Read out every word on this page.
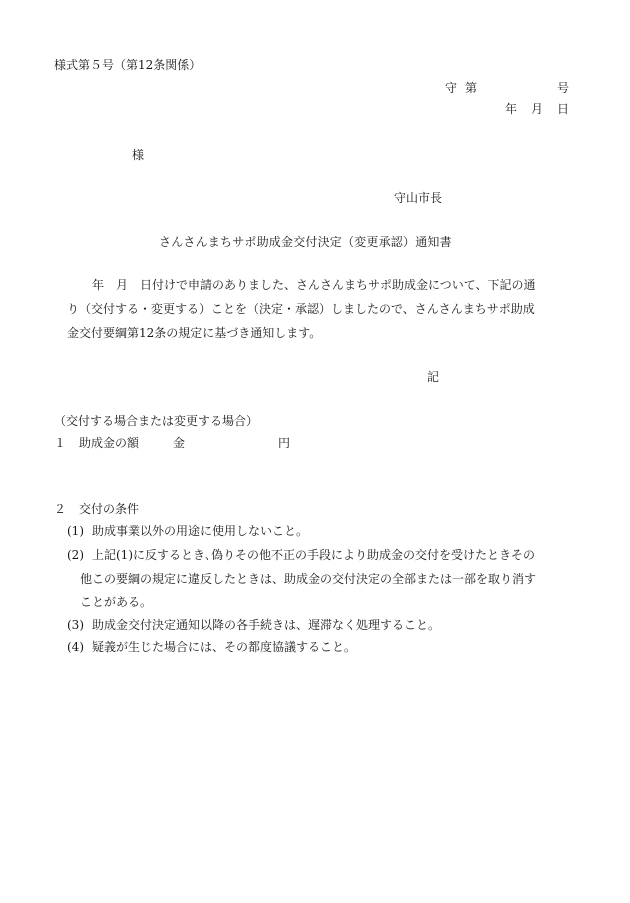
様式第５号（第12条関係）
守 第	号
年 月 日
様
守山市長
さんさんまちサポ助成金交付決定（変更承認）通知書
年　月　日付けで申請のありました、さんさんまちサポ助成金について、下記の通
り（交付する・変更する）ことを（決定・承認）しましたので、さんさんまちサポ助成
金交付要綱第12条の規定に基づき通知します。
記
（交付する場合または変更する場合）
１ 助成金の額	金	円
２ 交付の条件
(1) 助成事業以外の用途に使用しないこと。
(2) 上記(1)に反するとき､偽りその他不正の手段により助成金の交付を受けたときその
他この要綱の規定に違反したときは、助成金の交付決定の全部または一部を取り消す
ことがある。
(3) 助成金交付決定通知以降の各手続きは、遅滞なく処理すること。
(4) 疑義が生じた場合には、その都度協議すること。
